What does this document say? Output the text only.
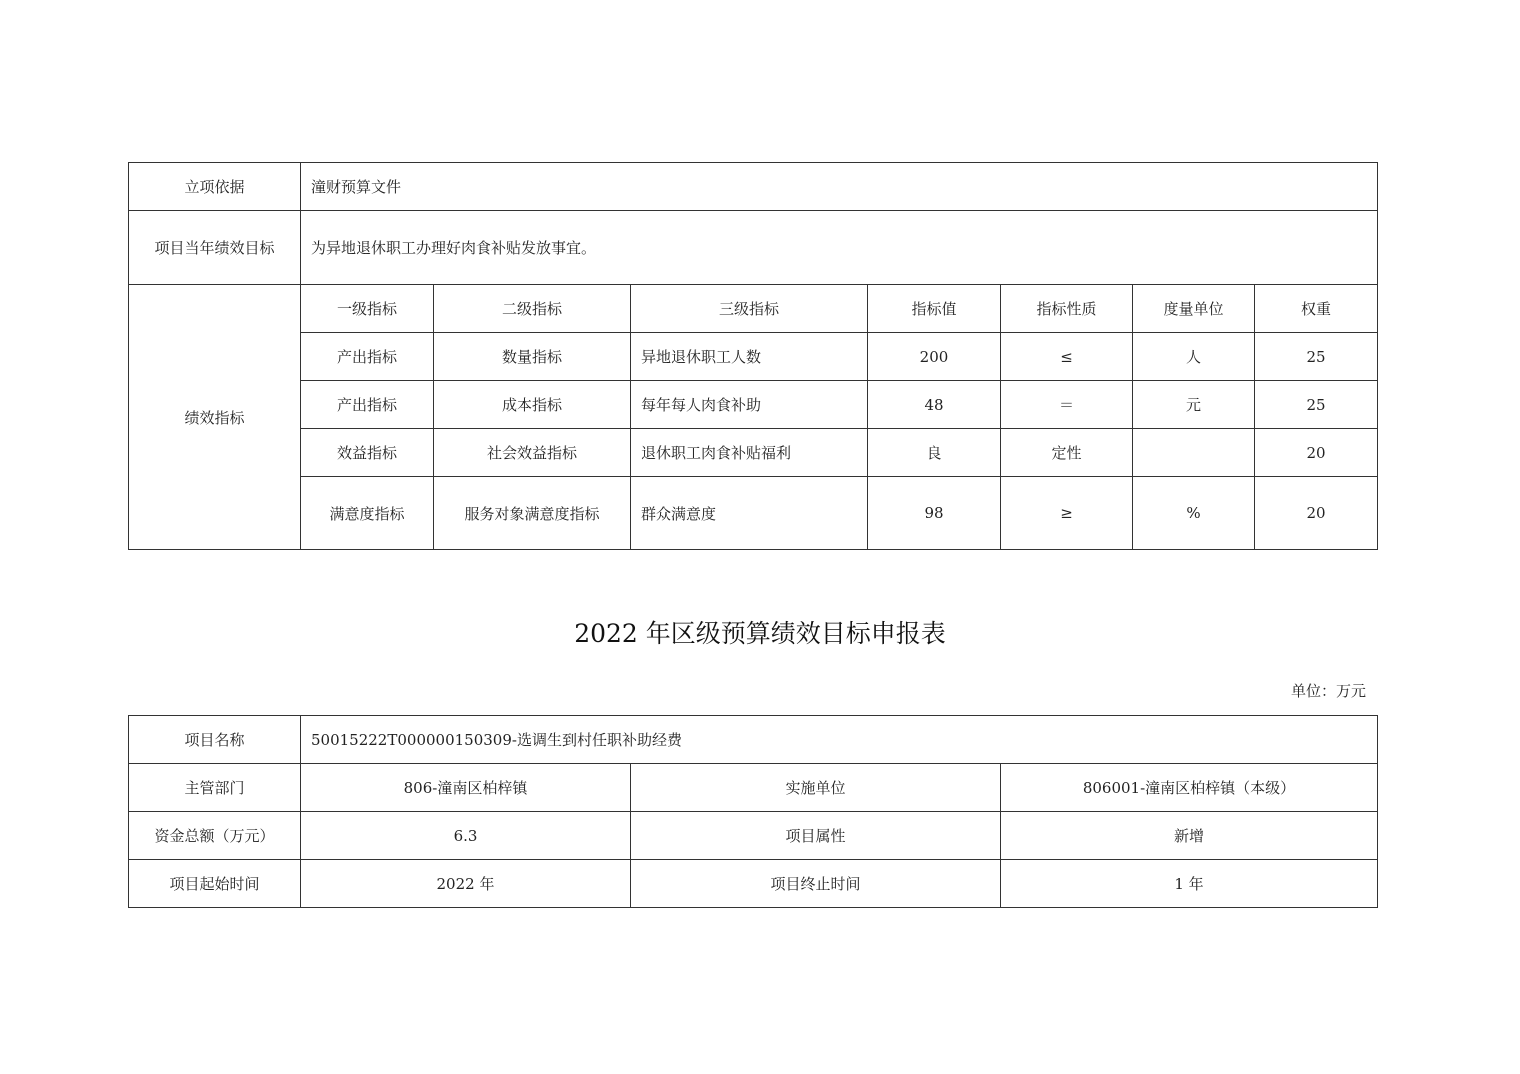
立项依据	潼财预算文件						
项目当年绩效目标	为异地退休职工办理好肉食补贴发放事宜。						
绩效指标	一级指标	二级指标	三级指标	指标值	指标性质	度量单位	权重
	产出指标	数量指标	异地退休职工人数	200	≤	人	25
	产出指标	成本指标	每年每人肉食补助	48	＝	元	25
	效益指标	社会效益指标	退休职工肉食补贴福利	良	定性		20
	满意度指标	服务对象满意度指标	群众满意度	98	≥	%	20
2022 年区级预算绩效目标申报表
单位：万元
项目名称	50015222T000000150309-选调生到村任职补助经费		
主管部门	806-潼南区柏梓镇	实施单位	806001-潼南区柏梓镇（本级）
资金总额（万元）	6.3	项目属性	新增
项目起始时间	2022 年	项目终止时间	1 年
